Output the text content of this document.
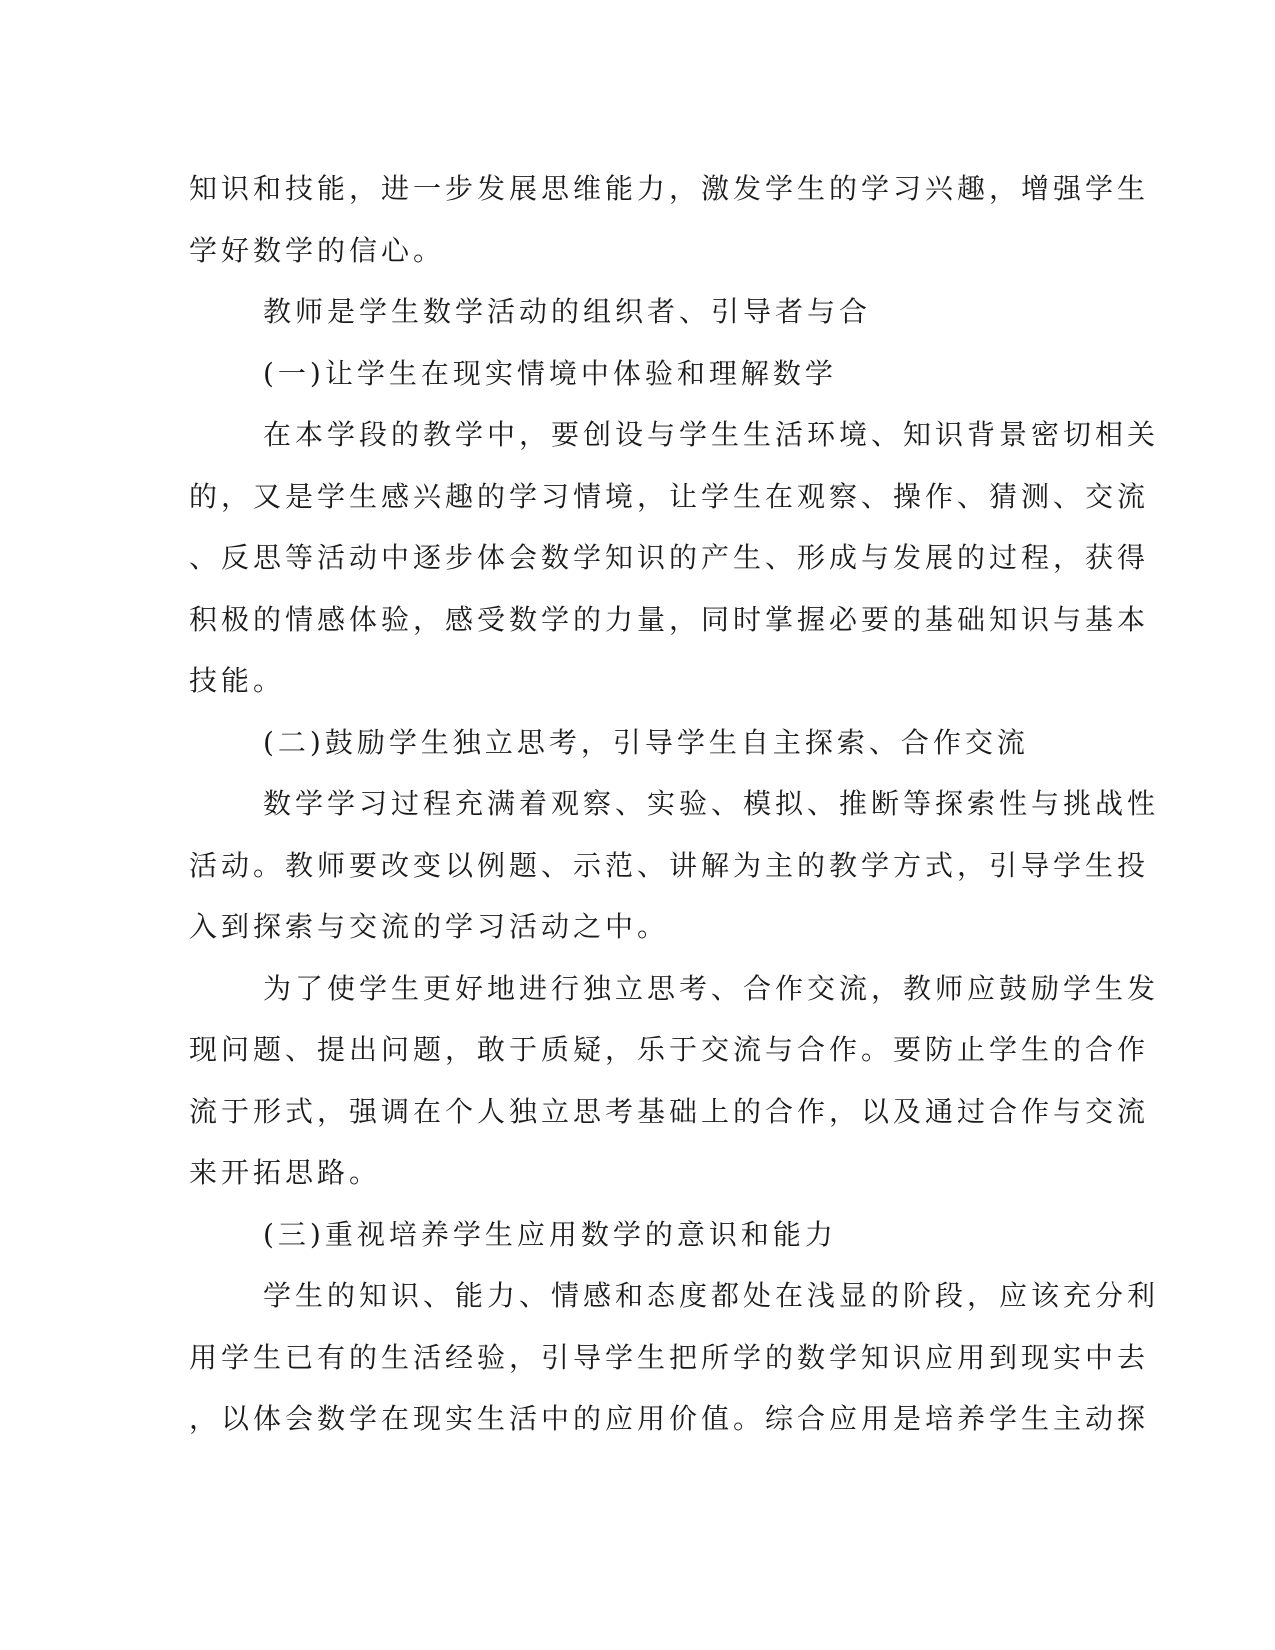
知识和技能，进一步发展思维能力，激发学生的学习兴趣，增强学生
学好数学的信心。
教师是学生数学活动的组织者、引导者与合
(一)让学生在现实情境中体验和理解数学
在本学段的教学中，要创设与学生生活环境、知识背景密切相关
的，又是学生感兴趣的学习情境，让学生在观察、操作、猜测、交流
、反思等活动中逐步体会数学知识的产生、形成与发展的过程，获得
积极的情感体验，感受数学的力量，同时掌握必要的基础知识与基本
技能。
(二)鼓励学生独立思考，引导学生自主探索、合作交流
数学学习过程充满着观察、实验、模拟、推断等探索性与挑战性
活动。教师要改变以例题、示范、讲解为主的教学方式，引导学生投
入到探索与交流的学习活动之中。
为了使学生更好地进行独立思考、合作交流，教师应鼓励学生发
现问题、提出问题，敢于质疑，乐于交流与合作。要防止学生的合作
流于形式，强调在个人独立思考基础上的合作，以及通过合作与交流
来开拓思路。
(三)重视培养学生应用数学的意识和能力
学生的知识、能力、情感和态度都处在浅显的阶段，应该充分利
用学生已有的生活经验，引导学生把所学的数学知识应用到现实中去
，以体会数学在现实生活中的应用价值。综合应用是培养学生主动探
